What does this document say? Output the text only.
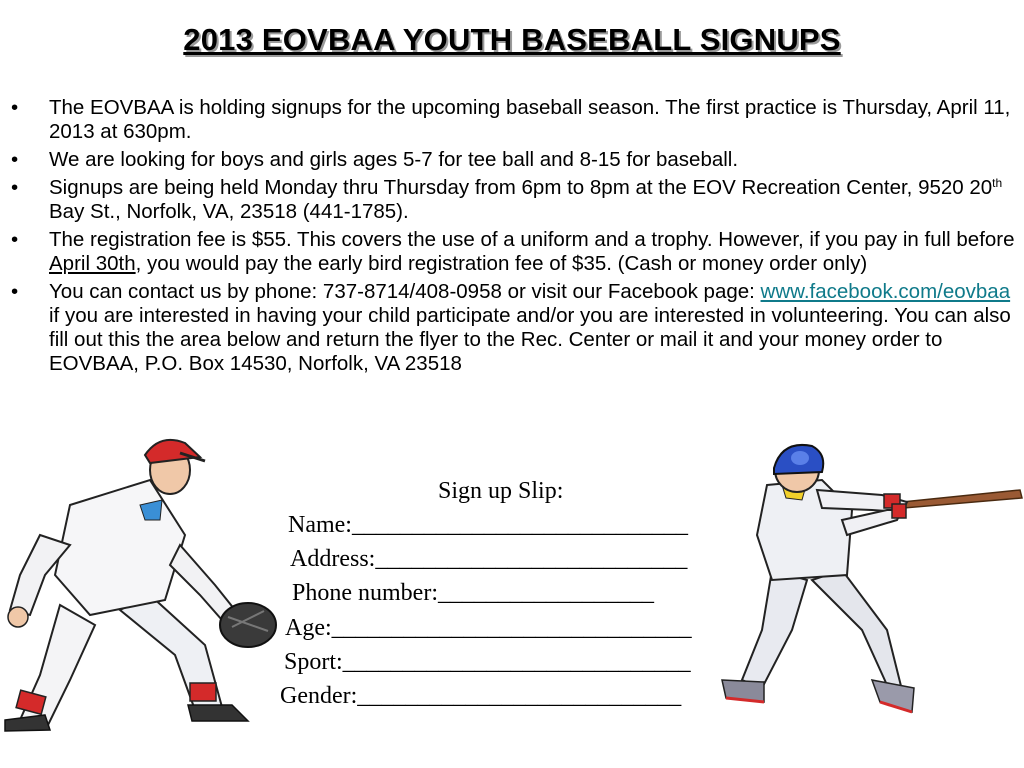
2013 EOVBAA YOUTH BASEBALL SIGNUPS
• The EOVBAA is holding signups for the upcoming baseball season. The first practice is Thursday, April 11, 2013 at 630pm.
• We are looking for boys and girls ages 5-7 for tee ball and 8-15 for baseball.
• Signups are being held Monday thru Thursday from 6pm to 8pm at the EOV Recreation Center, 9520 20th Bay St., Norfolk, VA, 23518 (441-1785).
• The registration fee is $55. This covers the use of a uniform and a trophy. However, if you pay in full before April 30th, you would pay the early bird registration fee of $35. (Cash or money order only)
• You can contact us by phone: 737-8714/408-0958 or visit our Facebook page: www.facebook.com/eovbaa if you are interested in having your child participate and/or you are interested in volunteering. You can also fill out this the area below and return the flyer to the Rec. Center or mail it and your money order to EOVBAA, P.O. Box 14530, Norfolk, VA 23518
Sign up Slip:
Name:____________________________
Address:__________________________
Phone number:__________________
Age:______________________________
Sport:_____________________________
Gender:___________________________
